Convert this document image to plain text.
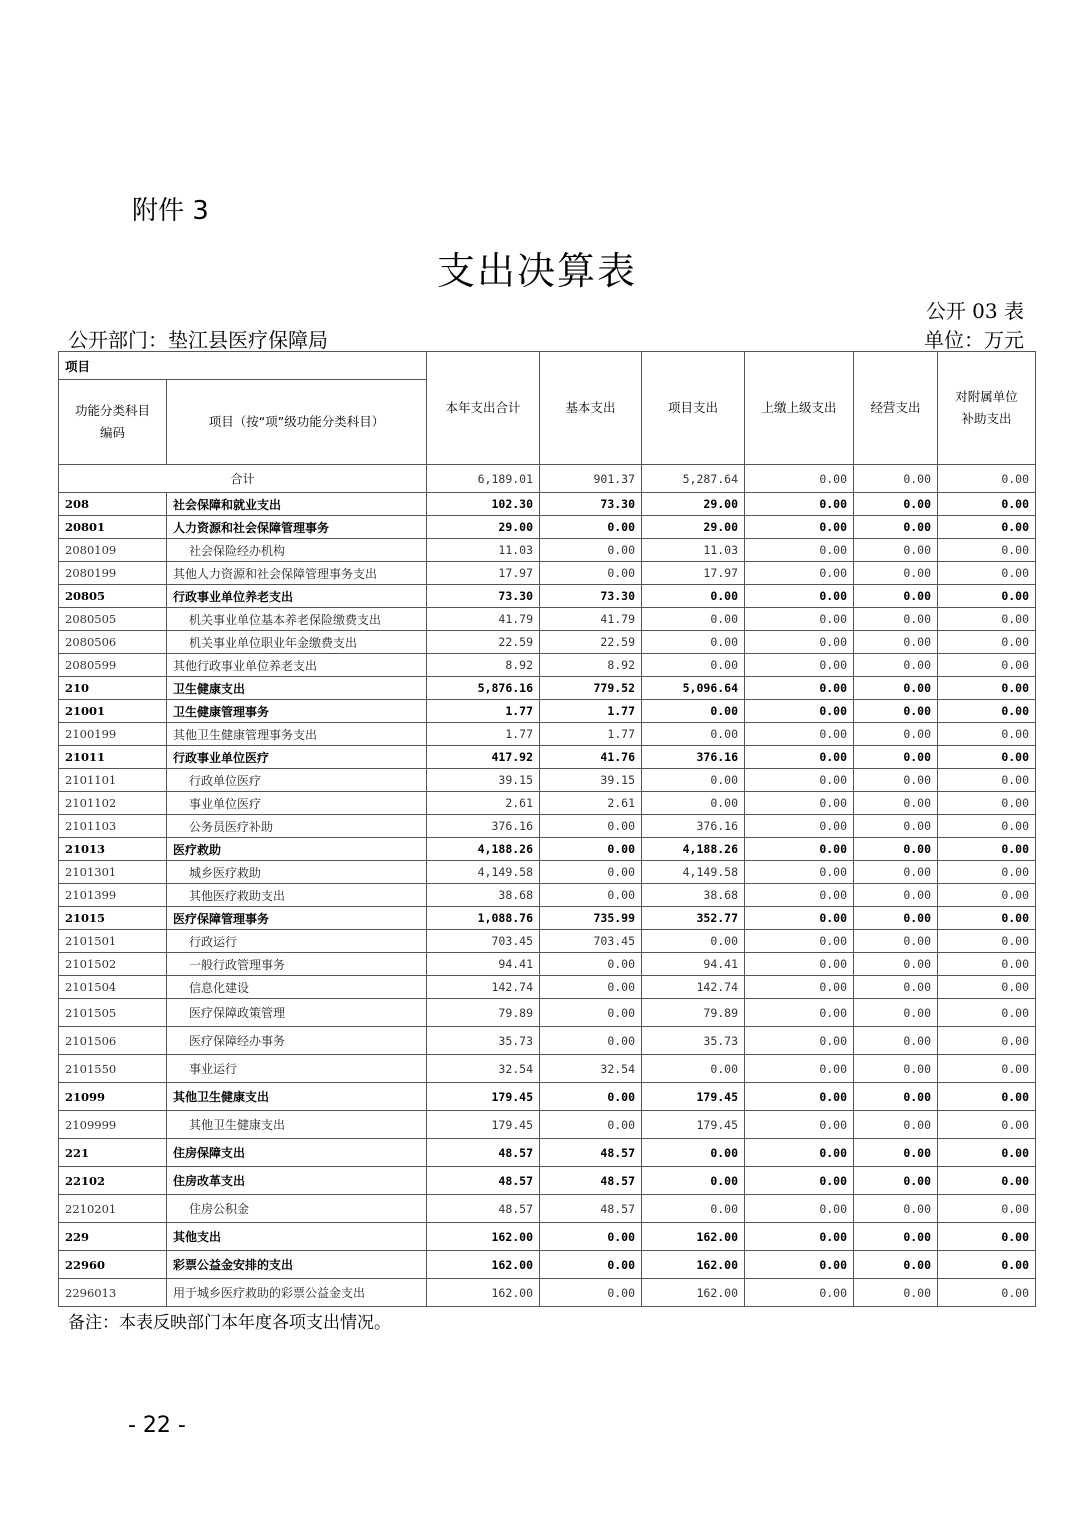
附件 3
支出决算表
公开 03 表
公开部门：垫江县医疗保障局	单位：万元
项目		本年支出合计	基本支出	项目支出	上缴上级支出	经营支出	对附属单位补助支出
功能分类科目编码	项目（按“项”级功能分类科目）						
合计		6,189.01	901.37	5,287.64	0.00	0.00	0.00
208	社会保障和就业支出	102.30	73.30	29.00	0.00	0.00	0.00
20801	人力资源和社会保障管理事务	29.00	0.00	29.00	0.00	0.00	0.00
2080109	社会保险经办机构	11.03	0.00	11.03	0.00	0.00	0.00
2080199	其他人力资源和社会保障管理事务支出	17.97	0.00	17.97	0.00	0.00	0.00
20805	行政事业单位养老支出	73.30	73.30	0.00	0.00	0.00	0.00
2080505	机关事业单位基本养老保险缴费支出	41.79	41.79	0.00	0.00	0.00	0.00
2080506	机关事业单位职业年金缴费支出	22.59	22.59	0.00	0.00	0.00	0.00
2080599	其他行政事业单位养老支出	8.92	8.92	0.00	0.00	0.00	0.00
210	卫生健康支出	5,876.16	779.52	5,096.64	0.00	0.00	0.00
21001	卫生健康管理事务	1.77	1.77	0.00	0.00	0.00	0.00
2100199	其他卫生健康管理事务支出	1.77	1.77	0.00	0.00	0.00	0.00
21011	行政事业单位医疗	417.92	41.76	376.16	0.00	0.00	0.00
2101101	行政单位医疗	39.15	39.15	0.00	0.00	0.00	0.00
2101102	事业单位医疗	2.61	2.61	0.00	0.00	0.00	0.00
2101103	公务员医疗补助	376.16	0.00	376.16	0.00	0.00	0.00
21013	医疗救助	4,188.26	0.00	4,188.26	0.00	0.00	0.00
2101301	城乡医疗救助	4,149.58	0.00	4,149.58	0.00	0.00	0.00
2101399	其他医疗救助支出	38.68	0.00	38.68	0.00	0.00	0.00
21015	医疗保障管理事务	1,088.76	735.99	352.77	0.00	0.00	0.00
2101501	行政运行	703.45	703.45	0.00	0.00	0.00	0.00
2101502	一般行政管理事务	94.41	0.00	94.41	0.00	0.00	0.00
2101504	信息化建设	142.74	0.00	142.74	0.00	0.00	0.00
2101505	医疗保障政策管理	79.89	0.00	79.89	0.00	0.00	0.00
2101506	医疗保障经办事务	35.73	0.00	35.73	0.00	0.00	0.00
2101550	事业运行	32.54	32.54	0.00	0.00	0.00	0.00
21099	其他卫生健康支出	179.45	0.00	179.45	0.00	0.00	0.00
2109999	其他卫生健康支出	179.45	0.00	179.45	0.00	0.00	0.00
221	住房保障支出	48.57	48.57	0.00	0.00	0.00	0.00
22102	住房改革支出	48.57	48.57	0.00	0.00	0.00	0.00
2210201	住房公积金	48.57	48.57	0.00	0.00	0.00	0.00
229	其他支出	162.00	0.00	162.00	0.00	0.00	0.00
22960	彩票公益金安排的支出	162.00	0.00	162.00	0.00	0.00	0.00
2296013	用于城乡医疗救助的彩票公益金支出	162.00	0.00	162.00	0.00	0.00	0.00
备注：本表反映部门本年度各项支出情况。
- 22 -
